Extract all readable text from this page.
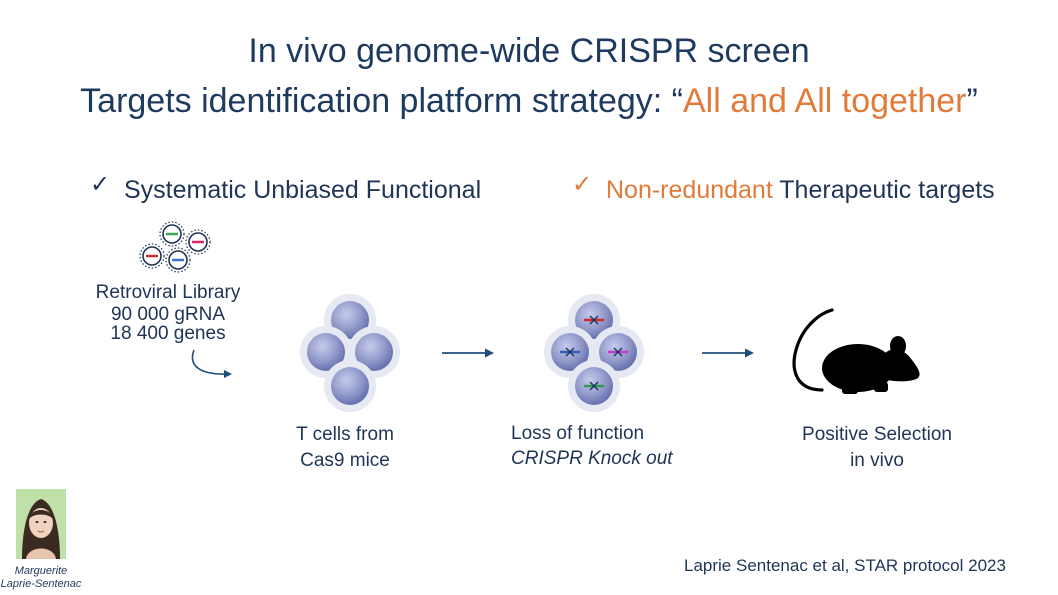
In vivo genome-wide CRISPR screen
Targets identification platform strategy: “All and All together”
✓ Systematic Unbiased Functional	✓ Non-redundant Therapeutic targets
Retroviral Library
90 000 gRNA
18 400 genes
T cells from
Cas9 mice
Loss of function
CRISPR Knock out
Positive Selection
in vivo
Marguerite
Laprie-Sentenac
Laprie Sentenac et al, STAR protocol 2023
